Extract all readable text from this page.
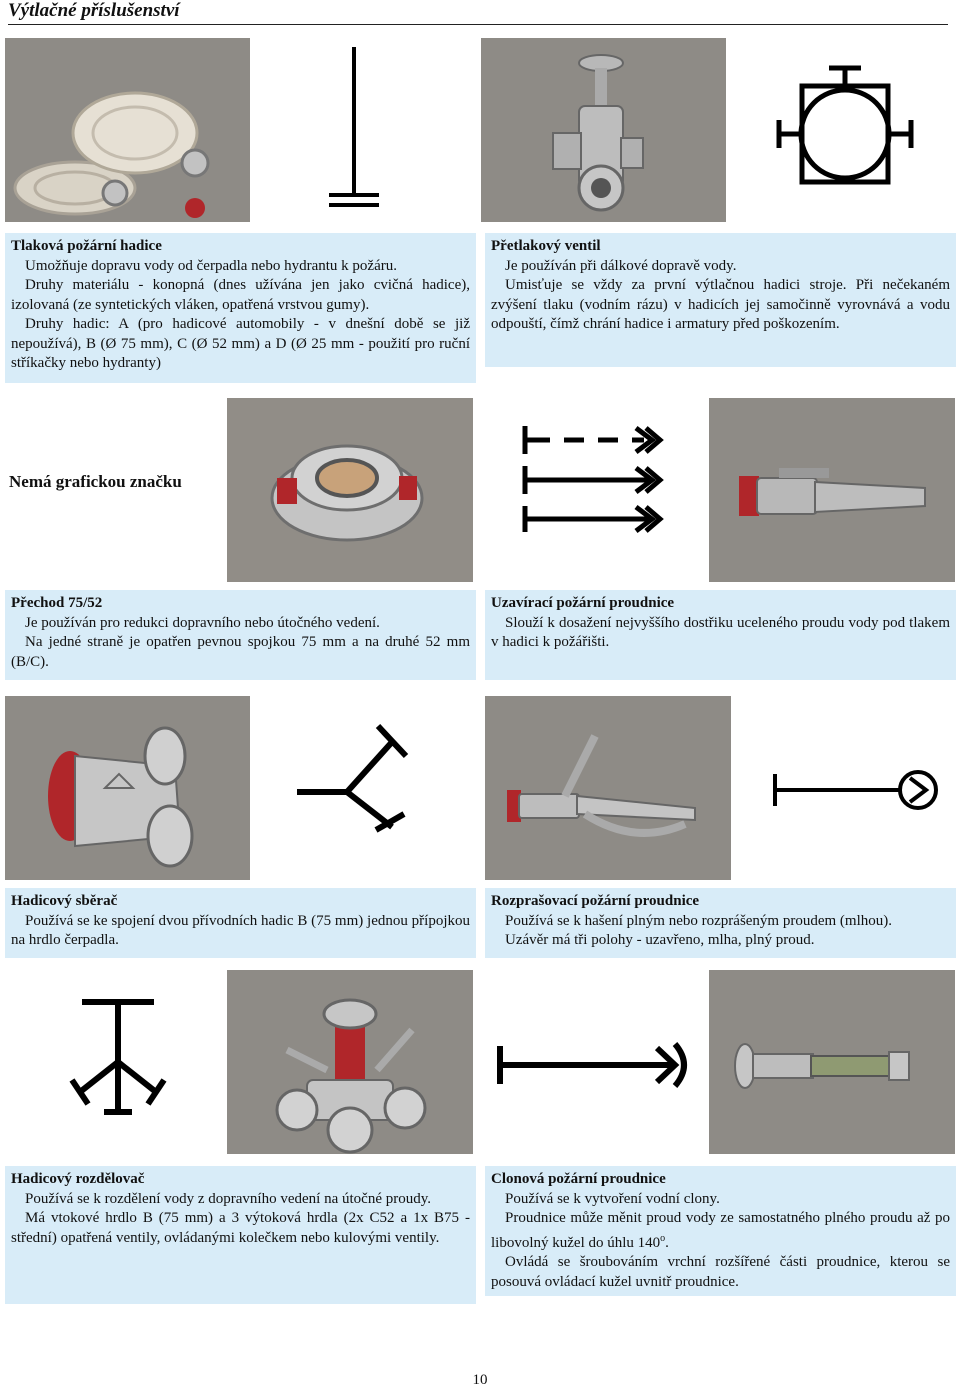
Výtlačné příslušenství
Tlaková požární hadice

Umožňuje dopravu vody od čerpadla nebo hydrantu k požáru.

Druhy materiálu - konopná (dnes užívána jen jako cvičná hadice), izolovaná (ze syntetických vláken, opatřená vrstvou gumy).

Druhy hadic: A (pro hadicové automobily - v dnešní době se již nepoužívá), B (Ø 75 mm), C (Ø 52 mm) a D (Ø 25 mm - použití pro ruční stříkačky nebo hydranty)

Přetlakový ventil

Je používán při dálkové dopravě vody.

Umisťuje se vždy za první výtlačnou hadici stroje. Při nečekaném zvýšení tlaku (vodním rázu) v hadicích jej samočinně vyrovnává a vodu odpouští, čímž chrání hadice i armatury před poškozením.

Nemá grafickou značku
Přechod 75/52

Je používán pro redukci dopravního nebo útočného vedení.

Na jedné straně je opatřen pevnou spojkou 75 mm a na druhé 52 mm (B/C).

Uzavírací požární proudnice

Slouží k dosažení nejvyššího dostřiku uceleného proudu vody pod tlakem v hadici k požářišti.

Hadicový sběrač

Používá se ke spojení dvou přívodních hadic B (75 mm) jednou přípojkou na hrdlo čerpadla.

Rozprašovací požární proudnice

Používá se k hašení plným nebo rozprášeným proudem (mlhou).

Uzávěr má tři polohy - uzavřeno, mlha, plný proud.

Hadicový rozdělovač

Používá se k rozdělení vody z dopravního vedení na útočné proudy.

Má vtokové hrdlo B (75 mm) a 3 výtoková hrdla (2x C52 a 1x B75 - střední) opatřená ventily, ovládanými kolečkem nebo kulovými ventily.

Clonová požární proudnice

Používá se k vytvoření vodní clony.

Proudnice může měnit proud vody ze samostatného plného proudu až po libovolný kužel do úhlu 140$^o$.

Ovládá se šroubováním vrchní rozšířené části proudnice, kterou se posouvá ovládací kužel uvnitř proudnice.

10
